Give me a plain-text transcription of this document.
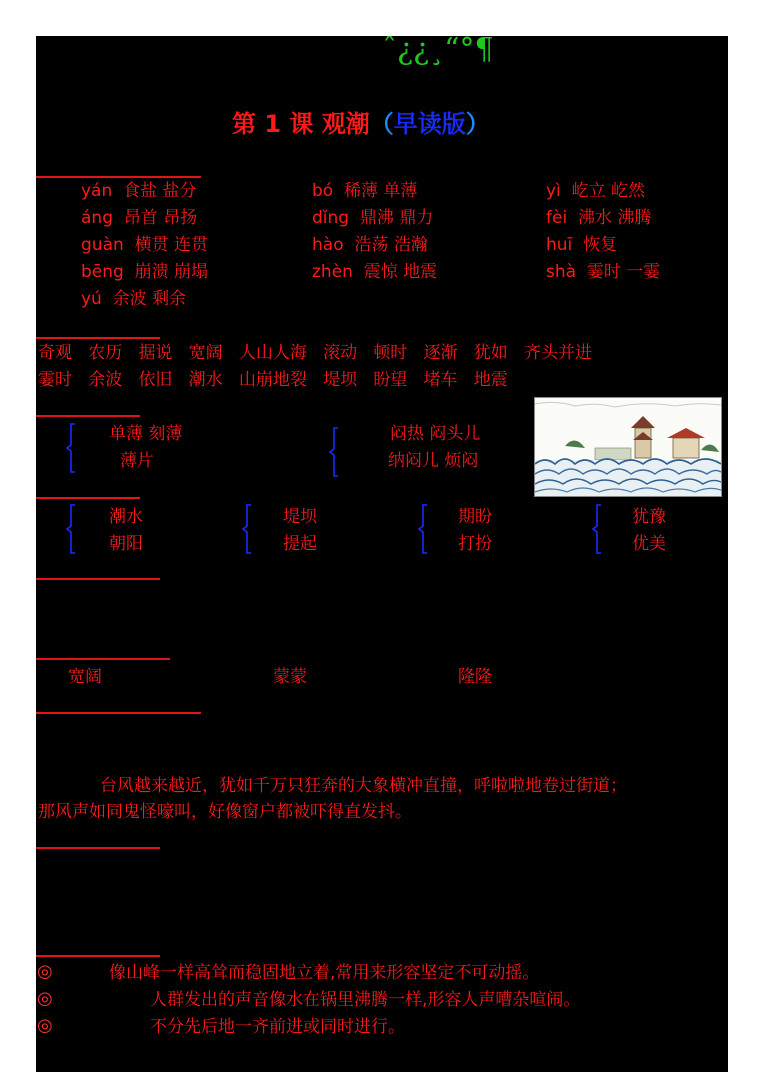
ˆ¿¿¸“°¶
第 1 课 观潮（早读版）
yán 食盐 盐分	bó 稀薄 单薄	yì 屹立 屹然
áng 昂首 昂扬	dǐng 鼎沸 鼎力	fèi 沸水 沸腾
guàn 横贯 连贯	hào 浩荡 浩瀚	huī 恢复
bēng 崩溃 崩塌	zhèn 震惊 地震	shà 霎时 一霎
yú 余波 剩余
奇观 农历 据说 宽阔 人山人海 滚动 顿时 逐渐 犹如 齐头并进
霎时 余波 依旧 潮水 山崩地裂 堤坝 盼望 堵车 地震
单薄 刻薄
薄片
闷热 闷头儿
纳闷儿 烦闷
潮水
朝阳
堤坝
提起
期盼
打扮
犹豫
优美
宽阔	蒙蒙	隆隆
台风越来越近，犹如千万只狂奔的大象横冲直撞，呼啦啦地卷过街道；
那风声如同鬼怪嚎叫，好像窗户都被吓得直发抖。
◎	像山峰一样高耸而稳固地立着,常用来形容坚定不可动摇。
◎	人群发出的声音像水在锅里沸腾一样,形容人声嘈杂喧闹。
◎	不分先后地一齐前进或同时进行。
